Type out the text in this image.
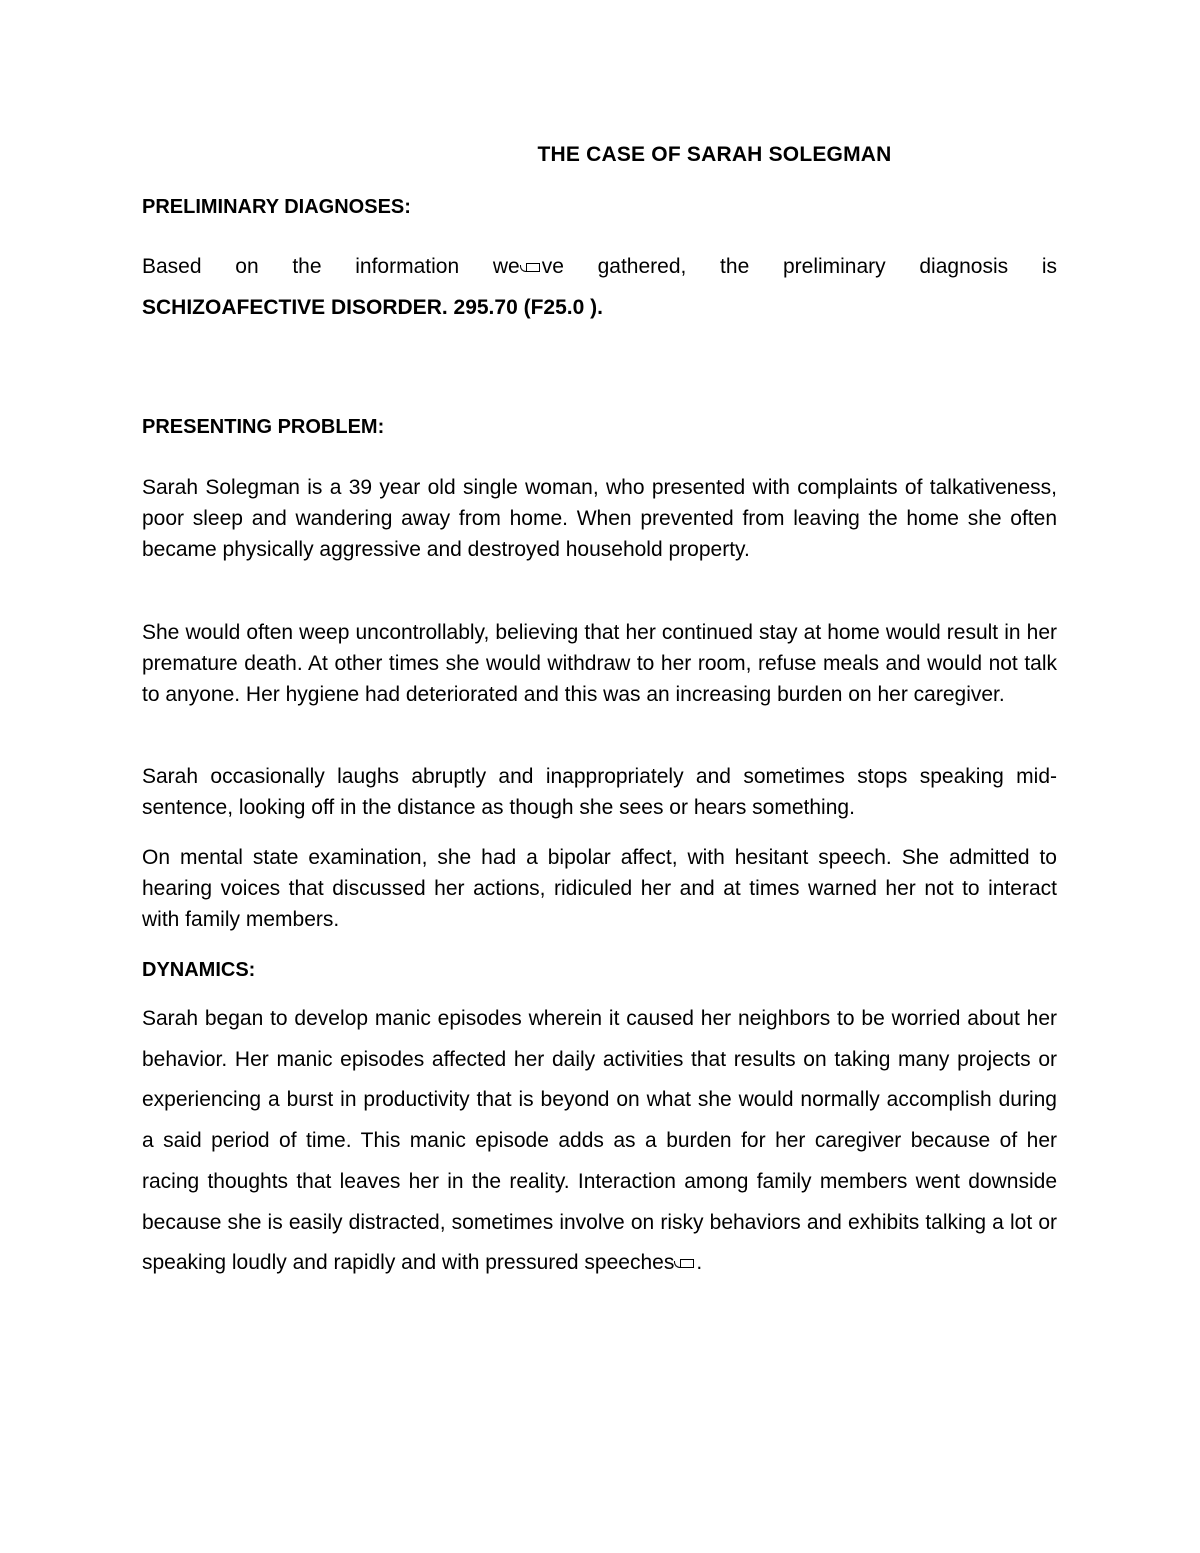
THE CASE OF SARAH SOLEGMAN
PRELIMINARY DIAGNOSES:
Based on the information we ve gathered, the preliminary diagnosis is
SCHIZOAFECTIVE DISORDER. 295.70 (F25.0 ).
PRESENTING PROBLEM:
Sarah Solegman is a 39 year old single woman, who presented with complaints of talkativeness, poor sleep and wandering away from home. When prevented from leaving the home she often became physically aggressive and destroyed household property.
She would often weep uncontrollably, believing that her continued stay at home would result in her premature death. At other times she would withdraw to her room, refuse meals and would not talk to anyone. Her hygiene had deteriorated and this was an increasing burden on her caregiver.
Sarah occasionally laughs abruptly and inappropriately and sometimes stops speaking mid-sentence, looking off in the distance as though she sees or hears something.
On mental state examination, she had a bipolar affect, with hesitant speech. She admitted to hearing voices that discussed her actions, ridiculed her and at times warned her not to interact with family members.
DYNAMICS:
Sarah began to develop manic episodes wherein it caused her neighbors to be worried about her behavior. Her manic episodes affected her daily activities that results on taking many projects or experiencing a burst in productivity that is beyond on what she would normally accomplish during a said period of time. This manic episode adds as a burden for her caregiver because of her racing thoughts that leaves her in the reality. Interaction among family members went downside because she is easily distracted, sometimes involve on risky behaviors and exhibits talking a lot or speaking loudly and rapidly and with pressured speeches .
